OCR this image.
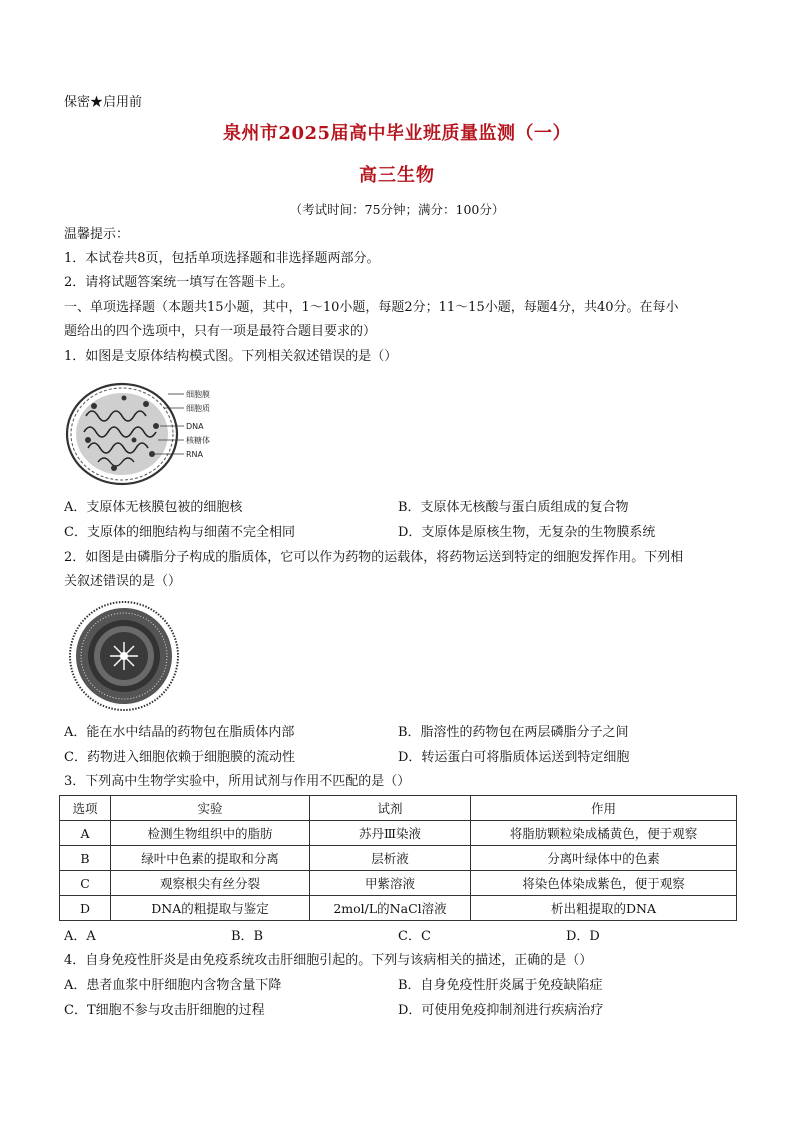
保密★启用前
泉州市2025届高中毕业班质量监测（一）
高三生物
（考试时间：75分钟；满分：100分）
温馨提示：
1．本试卷共8页，包括单项选择题和非选择题两部分。
2．请将试题答案统一填写在答题卡上。
一、单项选择题（本题共15小题，其中，1～10小题，每题2分；11～15小题，每题4分，共40分。在每小
题给出的四个选项中，只有一项是最符合题目要求的）
1．如图是支原体结构模式图。下列相关叙述错误的是（）
细胞膜
细胞质
DNA
核糖体
RNA
A．支原体无核膜包被的细胞核	B．支原体无核酸与蛋白质组成的复合物
C．支原体的细胞结构与细菌不完全相同	D．支原体是原核生物，无复杂的生物膜系统
2．如图是由磷脂分子构成的脂质体，它可以作为药物的运载体，将药物运送到特定的细胞发挥作用。下列相
关叙述错误的是（）
A．能在水中结晶的药物包在脂质体内部	B．脂溶性的药物包在两层磷脂分子之间
C．药物进入细胞依赖于细胞膜的流动性	D．转运蛋白可将脂质体运送到特定细胞
3．下列高中生物学实验中，所用试剂与作用不匹配的是（）
选项	实验	试剂	作用
A	检测生物组织中的脂肪	苏丹Ⅲ染液	将脂肪颗粒染成橘黄色，便于观察
B	绿叶中色素的提取和分离	层析液	分离叶绿体中的色素
C	观察根尖有丝分裂	甲紫溶液	将染色体染成紫色，便于观察
D	DNA的粗提取与鉴定	2mol/L的NaCl溶液	析出粗提取的DNA
A．A	B．B	C．C	D．D
4．自身免疫性肝炎是由免疫系统攻击肝细胞引起的。下列与该病相关的描述，正确的是（）
A．患者血浆中肝细胞内含物含量下降	B．自身免疫性肝炎属于免疫缺陷症
C．T细胞不参与攻击肝细胞的过程	D．可使用免疫抑制剂进行疾病治疗
